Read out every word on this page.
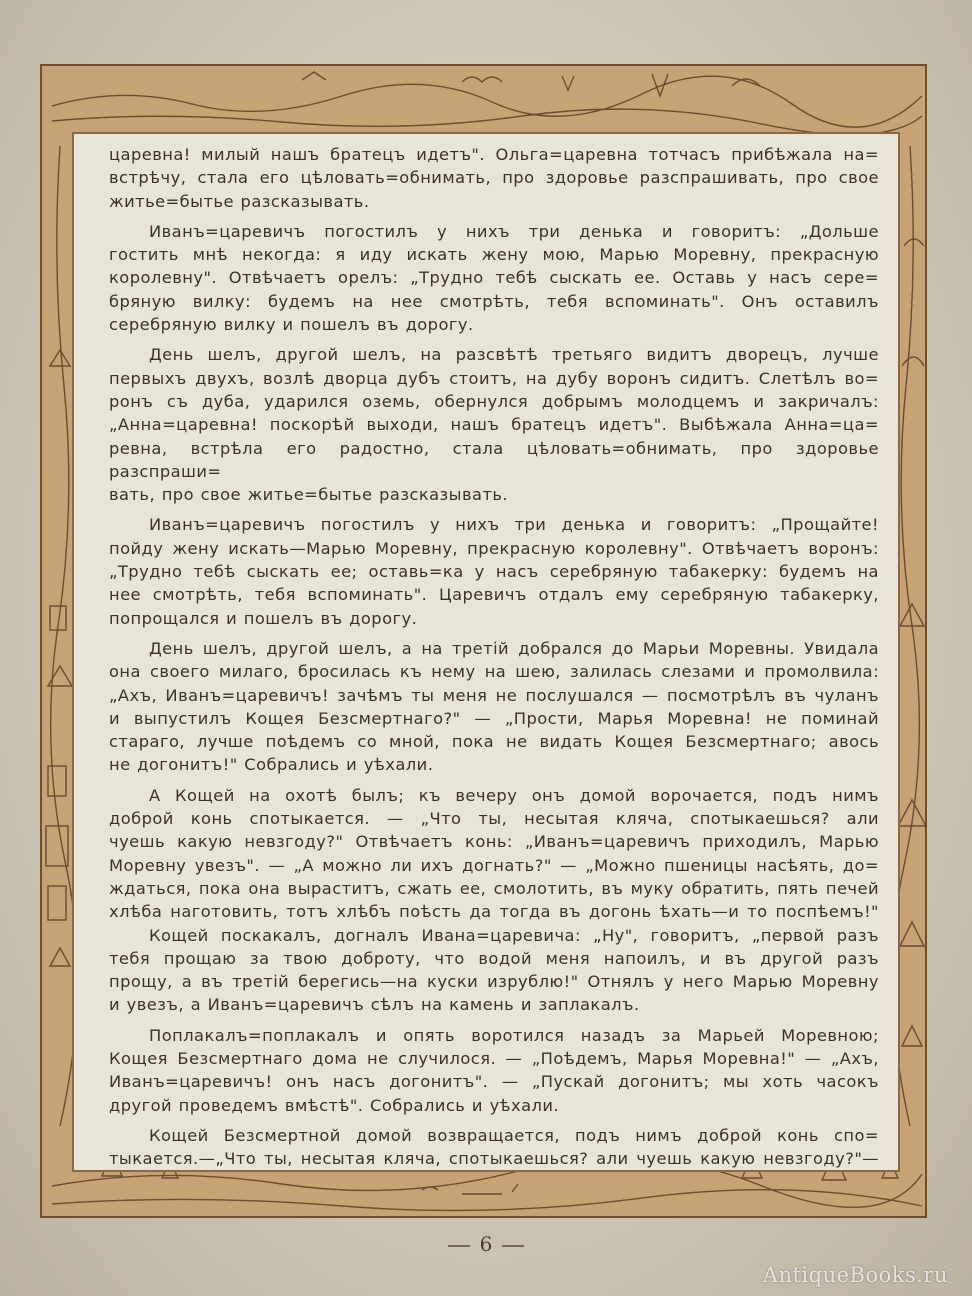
царевна! милый нашъ братецъ идетъ". Ольга=царевна тотчасъ прибѣжала на=

встрѣчу, стала его цѣловать=обнимать, про здоровье разспрашивать, про свое

житье=бытье разсказывать.

Иванъ=царевичъ погостилъ у нихъ три денька и говоритъ: „Дольше

гостить мнѣ некогда: я иду искать жену мою, Марью Моревну, прекрасную

королевну". Отвѣчаетъ орелъ: „Трудно тебѣ сыскать ее. Оставь у насъ сере=

бряную вилку: будемъ на нее смотрѣть, тебя вспоминать". Онъ оставилъ

серебряную вилку и пошелъ въ дорогу.

День шелъ, другой шелъ, на разсвѣтѣ третьяго видитъ дворецъ, лучше

первыхъ двухъ, возлѣ дворца дубъ стоитъ, на дубу воронъ сидитъ. Слетѣлъ во=

ронъ съ дуба, ударился оземь, обернулся добрымъ молодцемъ и закричалъ:

„Анна=царевна! поскорѣй выходи, нашъ братецъ идетъ". Выбѣжала Анна=ца=

ревна, встрѣла его радостно, стала цѣловать=обнимать, про здоровье разспраши=

вать, про свое житье=бытье разсказывать.

Иванъ=царевичъ погостилъ у нихъ три денька и говоритъ: „Прощайте!

пойду жену искать—Марью Моревну, прекрасную королевну". Отвѣчаетъ воронъ:

„Трудно тебѣ сыскать ее; оставь=ка у насъ серебряную табакерку: будемъ на

нее смотрѣть, тебя вспоминать". Царевичъ отдалъ ему серебряную табакерку,

попрощался и пошелъ въ дорогу.

День шелъ, другой шелъ, а на третій добрался до Марьи Моревны. Увидала

она своего милаго, бросилась къ нему на шею, залилась слезами и промолвила:

„Ахъ, Иванъ=царевичъ! зачѣмъ ты меня не послушался — посмотрѣлъ въ чуланъ

и выпустилъ Кощея Безсмертнаго?" — „Прости, Марья Моревна! не поминай

стараго, лучше поѣдемъ со мной, пока не видать Кощея Безсмертнаго; авось

не догонитъ!" Собрались и уѣхали.

А Кощей на охотѣ былъ; къ вечеру онъ домой ворочается, подъ нимъ

доброй конь спотыкается. — „Что ты, несытая кляча, спотыкаешься? али

чуешь какую невзгоду?" Отвѣчаетъ конь: „Иванъ=царевичъ приходилъ, Марью

Моревну увезъ". — „А можно ли ихъ догнать?" — „Можно пшеницы насѣять, до=

ждаться, пока она выраститъ, сжать ее, смолотить, въ муку обратить, пять печей

хлѣба наготовить, тотъ хлѣбъ поѣсть да тогда въ догонь ѣхать—и то поспѣемъ!"

Кощей поскакалъ, догналъ Ивана=царевича: „Ну", говоритъ, „первой разъ

тебя прощаю за твою доброту, что водой меня напоилъ, и въ другой разъ

прощу, а въ третій берегись—на куски изрублю!" Отнялъ у него Марью Моревну

и увезъ, а Иванъ=царевичъ сѣлъ на камень и заплакалъ.

Поплакалъ=поплакалъ и опять воротился назадъ за Марьей Моревною;

Кощея Безсмертнаго дома не случилося. — „Поѣдемъ, Марья Моревна!" — „Ахъ,

Иванъ=царевичъ! онъ насъ догонитъ". — „Пускай догонитъ; мы хоть часокъ

другой проведемъ вмѣстѣ". Собрались и уѣхали.

Кощей Безсмертной домой возвращается, подъ нимъ доброй конь спо=

тыкается.—„Что ты, несытая кляча, спотыкаешься? али чуешь какую невзгоду?"—

6
AntiqueBooks.ru
